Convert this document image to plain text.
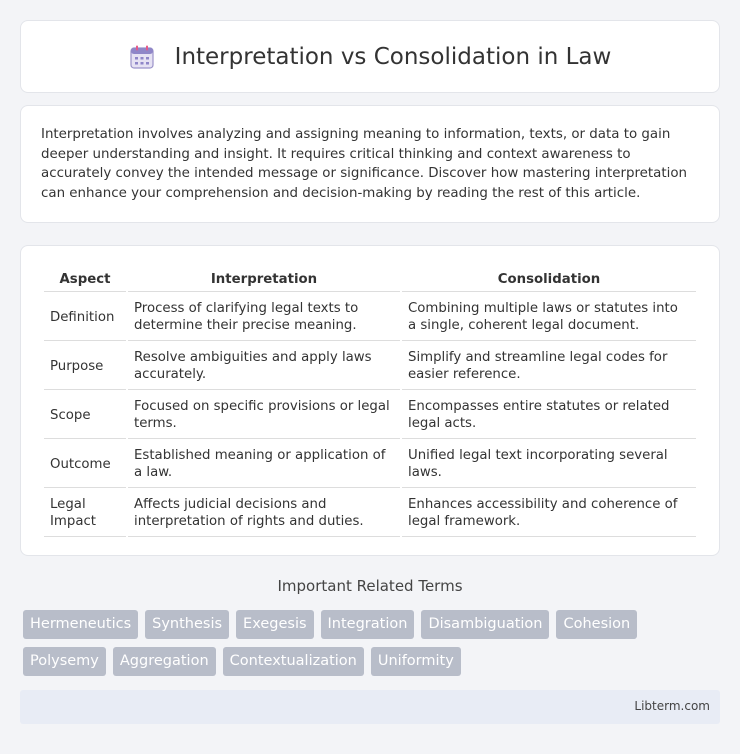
Interpretation vs Consolidation in Law

Interpretation involves analyzing and assigning meaning to information, texts, or data to gain deeper understanding and insight. It requires critical thinking and context awareness to accurately convey the intended message or significance. Discover how mastering interpretation can enhance your comprehension and decision-making by reading the rest of this article.

Aspect	Interpretation	Consolidation
Definition	Process of clarifying legal texts to determine their precise meaning.	Combining multiple laws or statutes into a single, coherent legal document.
Purpose	Resolve ambiguities and apply laws accurately.	Simplify and streamline legal codes for easier reference.
Scope	Focused on specific provisions or legal terms.	Encompasses entire statutes or related legal acts.
Outcome	Established meaning or application of a law.	Unified legal text incorporating several laws.
Legal Impact	Affects judicial decisions and interpretation of rights and duties.	Enhances accessibility and coherence of legal framework.
Important Related Terms
Hermeneutics	Synthesis	Exegesis	Integration	Disambiguation	Cohesion
Polysemy	Aggregation	Contextualization	Uniformity
Libterm.com
